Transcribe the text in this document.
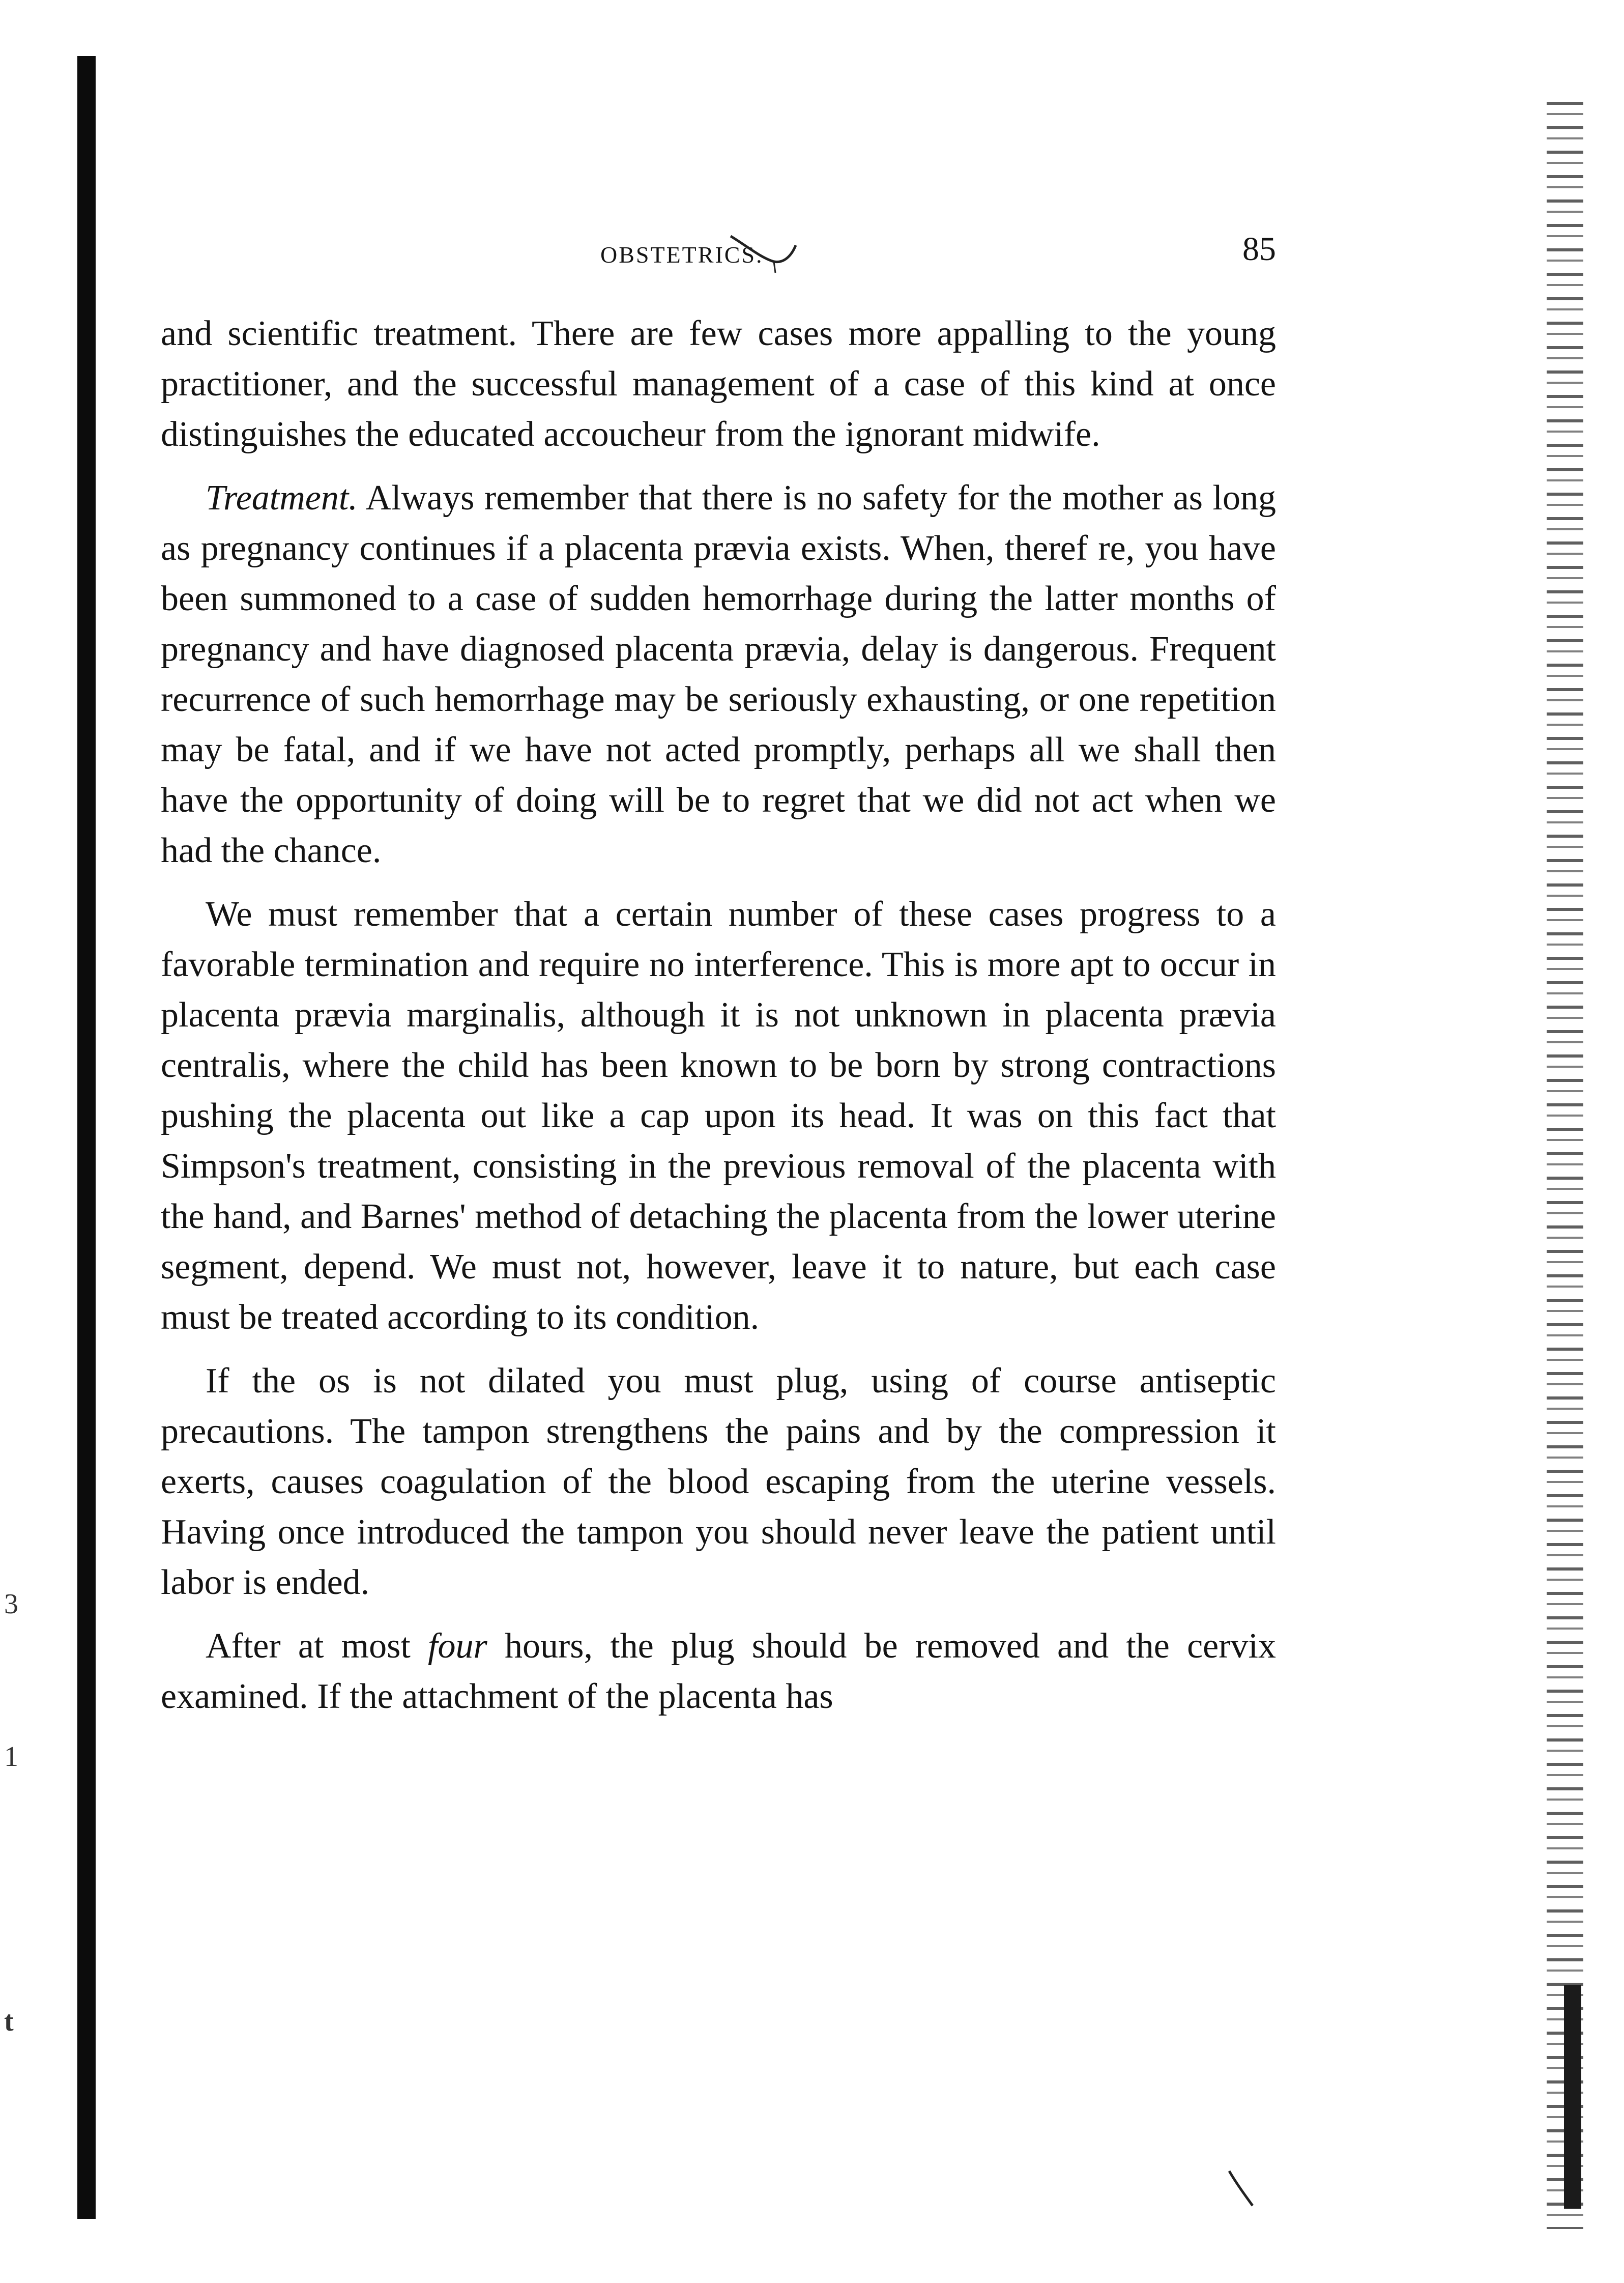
OBSTETRICS.	85

and scientific treatment. There are few cases more appalling to the young practitioner, and the successful management of a case of this kind at once distinguishes the educated accoucheur from the ignorant midwife.

Treatment. Always remember that there is no safety for the mother as long as pregnancy continues if a placenta prævia exists. When, theref re, you have been summoned to a case of sudden hemorrhage during the latter months of pregnancy and have diagnosed placenta prævia, delay is dangerous. Frequent recurrence of such hemorrhage may be seriously exhausting, or one repetition may be fatal, and if we have not acted promptly, perhaps all we shall then have the opportunity of doing will be to regret that we did not act when we had the chance.

We must remember that a certain number of these cases progress to a favorable termination and require no interference. This is more apt to occur in placenta prævia marginalis, although it is not unknown in placenta prævia centralis, where the child has been known to be born by strong contractions pushing the placenta out like a cap upon its head. It was on this fact that Simpson's treatment, consisting in the previous removal of the placenta with the hand, and Barnes' method of detaching the placenta from the lower uterine segment, depend. We must not, however, leave it to nature, but each case must be treated according to its condition.

If the os is not dilated you must plug, using of course antiseptic precautions. The tampon strengthens the pains and by the compression it exerts, causes coagulation of the blood escaping from the uterine vessels. Having once introduced the tampon you should never leave the patient until labor is ended.

After at most four hours, the plug should be removed and the cervix examined. If the attachment of the placenta has

3
1
t
